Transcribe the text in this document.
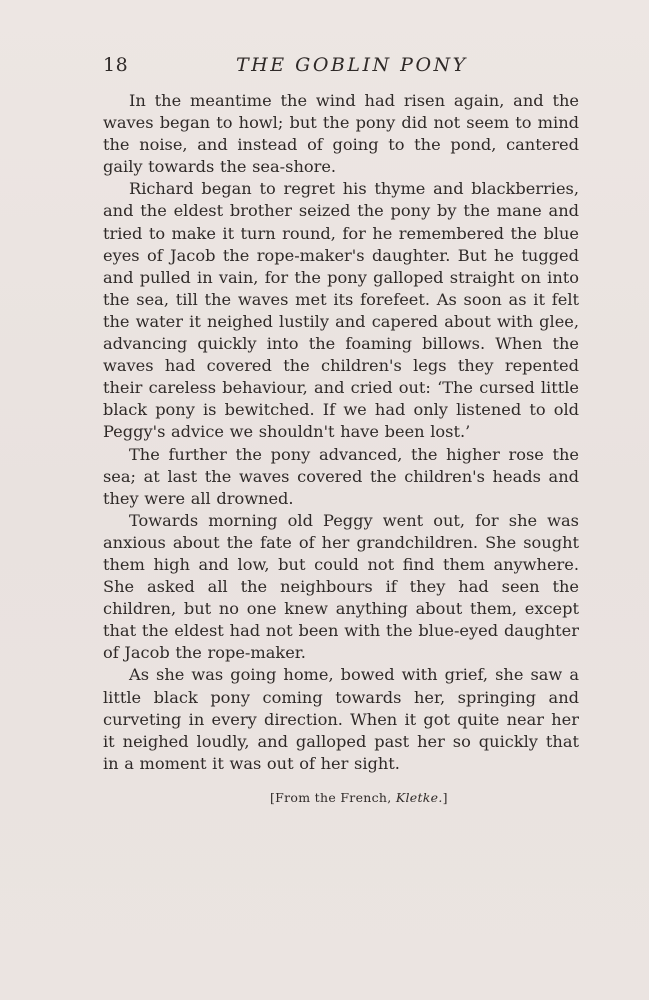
18	THE GOBLIN PONY

In the meantime the wind had risen again, and the waves began to howl; but the pony did not seem to mind the noise, and instead of going to the pond, cantered gaily towards the sea-shore.

Richard began to regret his thyme and blackberries, and the eldest brother seized the pony by the mane and tried to make it turn round, for he remembered the blue eyes of Jacob the rope-maker's daughter. But he tugged and pulled in vain, for the pony galloped straight on into the sea, till the waves met its forefeet. As soon as it felt the water it neighed lustily and capered about with glee, advancing quickly into the foaming billows. When the waves had covered the children's legs they repented their careless behaviour, and cried out: ‘The cursed little black pony is bewitched. If we had only listened to old Peggy's advice we shouldn't have been lost.’

The further the pony advanced, the higher rose the sea; at last the waves covered the children's heads and they were all drowned.

Towards morning old Peggy went out, for she was anxious about the fate of her grandchildren. She sought them high and low, but could not find them anywhere. She asked all the neighbours if they had seen the children, but no one knew anything about them, except that the eldest had not been with the blue-eyed daughter of Jacob the rope-maker.

As she was going home, bowed with grief, she saw a little black pony coming towards her, springing and curveting in every direction. When it got quite near her it neighed loudly, and galloped past her so quickly that in a moment it was out of her sight.

[From the French, Kletke.]
